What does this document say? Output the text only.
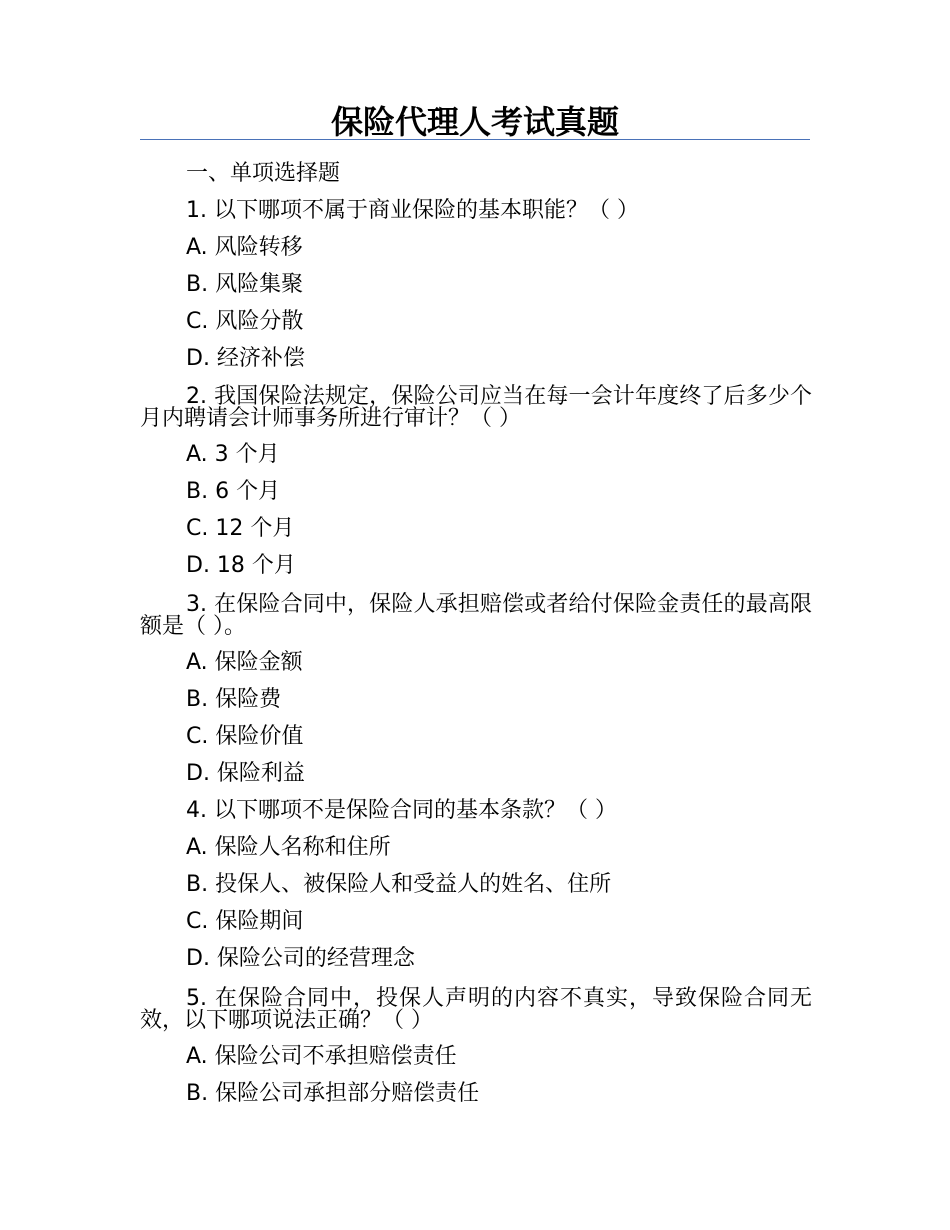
保险代理人考试真题
一、单项选择题
1. 以下哪项不属于商业保险的基本职能？（ ）
A. 风险转移
B. 风险集聚
C. 风险分散
D. 经济补偿
2. 我国保险法规定，保险公司应当在每一会计年度终了后多少个月内聘请会计师事务所进行审计？（ ）
A. 3 个月
B. 6 个月
C. 12 个月
D. 18 个月
3. 在保险合同中，保险人承担赔偿或者给付保险金责任的最高限额是（ ）。
A. 保险金额
B. 保险费
C. 保险价值
D. 保险利益
4. 以下哪项不是保险合同的基本条款？（ ）
A. 保险人名称和住所
B. 投保人、被保险人和受益人的姓名、住所
C. 保险期间
D. 保险公司的经营理念
5. 在保险合同中，投保人声明的内容不真实，导致保险合同无效，以下哪项说法正确？（ ）
A. 保险公司不承担赔偿责任
B. 保险公司承担部分赔偿责任
